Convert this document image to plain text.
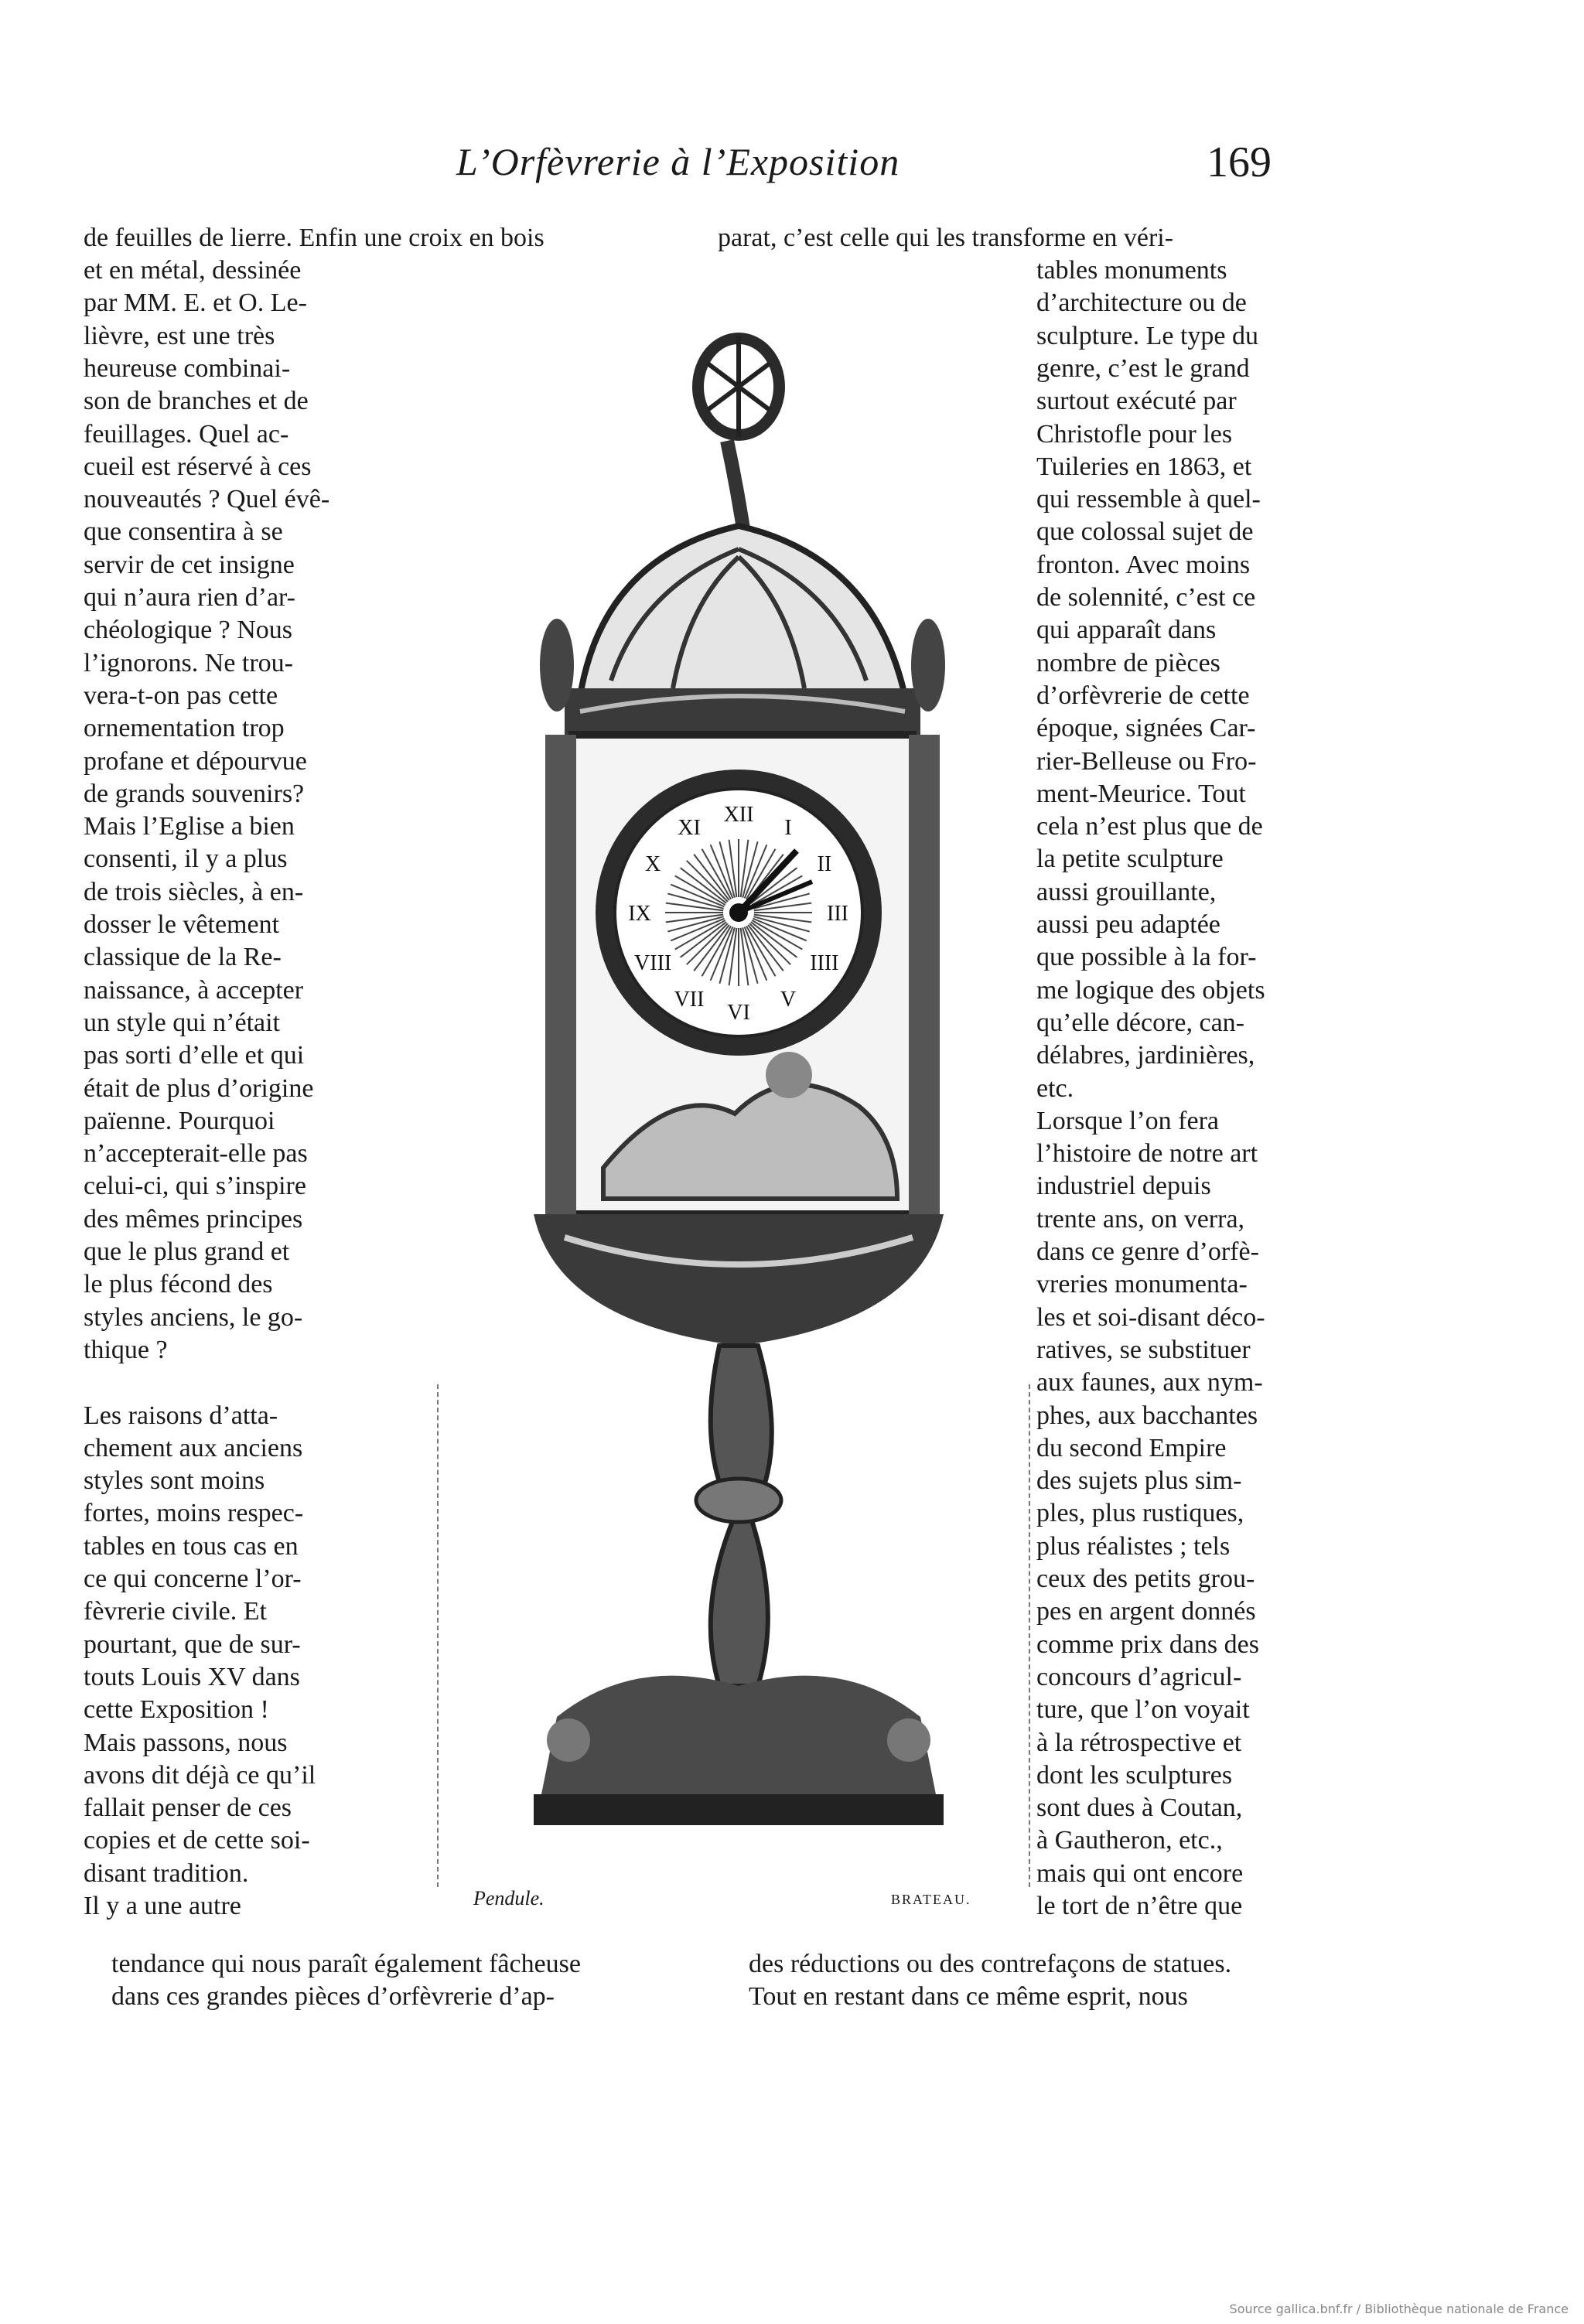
L’Orfèvrerie à l’Exposition	169
de feuilles de lierre. Enfin une croix en bois	parat, c’est celle qui les transforme en véri-
et en métal, dessinée
par MM. E. et O. Le-
lièvre, est une très
heureuse combinai-
son de branches et de
feuillages. Quel ac-
cueil est réservé à ces
nouveautés ? Quel évê-
que consentira à se
servir de cet insigne
qui n’aura rien d’ar-
chéologique ? Nous
l’ignorons. Ne trou-
vera-t-on pas cette
ornementation trop
profane et dépourvue
de grands souvenirs?
Mais l’Eglise a bien
consenti, il y a plus
de trois siècles, à en-
dosser le vêtement
classique de la Re-
naissance, à accepter
un style qui n’était
pas sorti d’elle et qui
était de plus d’origine
païenne. Pourquoi
n’accepterait-elle pas
celui-ci, qui s’inspire
des mêmes principes
que le plus grand et
le plus fécond des
styles anciens, le go-
thique ?
Les raisons d’atta-
chement aux anciens
styles sont moins
fortes, moins respec-
tables en tous cas en
ce qui concerne l’or-
fèvrerie civile. Et
pourtant, que de sur-
touts Louis XV dans
cette Exposition !
Mais passons, nous
avons dit déjà ce qu’il
fallait penser de ces
copies et de cette soi-
disant tradition.
Il y a une autre
tables monuments
d’architecture ou de
sculpture. Le type du
genre, c’est le grand
surtout exécuté par
Christofle pour les
Tuileries en 1863, et
qui ressemble à quel-
que colossal sujet de
fronton. Avec moins
de solennité, c’est ce
qui apparaît dans
nombre de pièces
d’orfèvrerie de cette
époque, signées Car-
rier-Belleuse ou Fro-
ment-Meurice. Tout
cela n’est plus que de
la petite sculpture
aussi grouillante,
aussi peu adaptée
que possible à la for-
me logique des objets
qu’elle décore, can-
délabres, jardinières,
etc.
Lorsque l’on fera
l’histoire de notre art
industriel depuis
trente ans, on verra,
dans ce genre d’orfè-
vreries monumenta-
les et soi-disant déco-
ratives, se substituer
aux faunes, aux nym-
phes, aux bacchantes
du second Empire
des sujets plus sim-
ples, plus rustiques,
plus réalistes ; tels
ceux des petits grou-
pes en argent donnés
comme prix dans des
concours d’agricul-
ture, que l’on voyait
à la rétrospective et
dont les sculptures
sont dues à Coutan,
à Gautheron, etc.,
mais qui ont encore
le tort de n’être que
XII
I
II
III
IIII
V
VI
VII
VIII
IX
X
XI
Pendule.	BRATEAU.
tendance qui nous paraît également fâcheuse	des réductions ou des contrefaçons de statues.
dans ces grandes pièces d’orfèvrerie d’ap-	Tout en restant dans ce même esprit, nous
Source gallica.bnf.fr / Bibliothèque nationale de France
